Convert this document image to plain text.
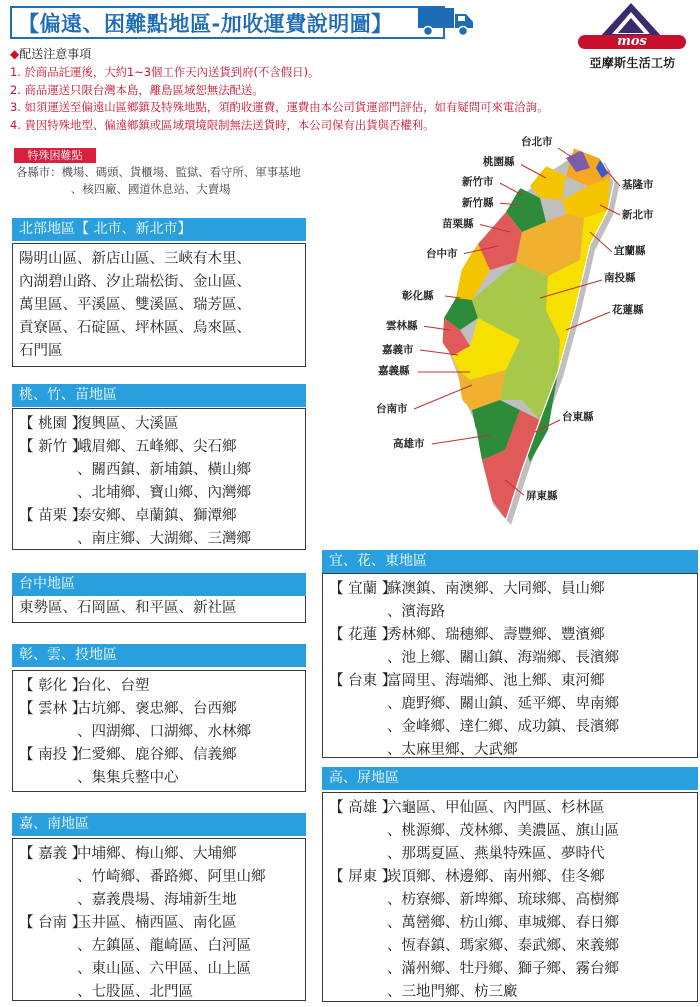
【偏遠、困難點地區-加收運費說明圖】
mos
亞摩斯生活工坊
◆配送注意事項
1. 於商品託運後，大約1~3個工作天內送貨到府(不含假日)。
2. 商品運送只限台灣本島，離島區域恕無法配送。
3. 如須運送至偏遠山區鄉鎮及特殊地點，須酌收運費，運費由本公司貨運部門評估，如有疑問可來電洽詢。
4. 貴因特殊地型、偏遠鄉鎮或區域環境限制無法送貨時，本公司保有出貨與否權利。
特殊困難點
各縣市：機場、碼頭、貨櫃場、監獄、看守所、軍事基地
、核四廠、國道休息站、大賣場
陽明山區、新店山區、三峽有木里、
內湖碧山路、汐止瑞松街、金山區、
萬里區、平溪區、雙溪區、瑞芳區、
貢寮區、石碇區、坪林區、烏來區、
石門區
北部地區【 北市、新北市】
【 桃園 】
復興區、大溪區
【 新竹 】
峨眉鄉、五峰鄉、尖石鄉
、關西鎮、新埔鎮、橫山鄉
、北埔鄉、寶山鄉、內灣鄉
【 苗栗 】
泰安鄉、卓蘭鎮、獅潭鄉
、南庄鄉、大湖鄉、三灣鄉
桃、竹、苗地區
東勢區、石岡區、和平區、新社區
台中地區
【 彰化 】
台化、台塑
【 雲林 】
古坑鄉、褒忠鄉、台西鄉
、四湖鄉、口湖鄉、水林鄉
【 南投 】
仁愛鄉、鹿谷鄉、信義鄉
、集集兵整中心
彰、雲、投地區
【 嘉義 】
中埔鄉、梅山鄉、大埔鄉
、竹崎鄉、番路鄉、阿里山鄉
、嘉義農場、海埔新生地
【 台南 】
玉井區、楠西區、南化區
、左鎮區、龍崎區、白河區
、東山區、六甲區、山上區
、七股區、北門區
嘉、南地區
【 宜蘭 】
蘇澳鎮、南澳鄉、大同鄉、員山鄉
、濱海路
【 花蓮 】
秀林鄉、瑞穗鄉、壽豐鄉、豐濱鄉
、池上鄉、關山鎮、海端鄉、長濱鄉
【 台東 】
富岡里、海端鄉、池上鄉、東河鄉
、鹿野鄉、關山鎮、延平鄉、卑南鄉
、金峰鄉、達仁鄉、成功鎮、長濱鄉
、太麻里鄉、大武鄉
宜、花、東地區
【 高雄 】
六龜區、甲仙區、內門區、杉林區
、桃源鄉、茂林鄉、美濃區、旗山區
、那瑪夏區、燕巢特殊區、夢時代
【 屏東 】
崁頂鄉、林邊鄉、南州鄉、佳冬鄉
、枋寮鄉、新埤鄉、琉球鄉、高樹鄉
、萬巒鄉、枋山鄉、車城鄉、春日鄉
、恆春鎮、瑪家鄉、泰武鄉、來義鄉
、滿州鄉、牡丹鄉、獅子鄉、霧台鄉
、三地門鄉、枋三廠
高、屏地區
台北市
桃園縣
新竹市
新竹縣
苗栗縣
台中市
彰化縣
雲林縣
嘉義市
嘉義縣
台南市
高雄市
基隆市
新北市
宜蘭縣
南投縣
花蓮縣
台東縣
屏東縣
